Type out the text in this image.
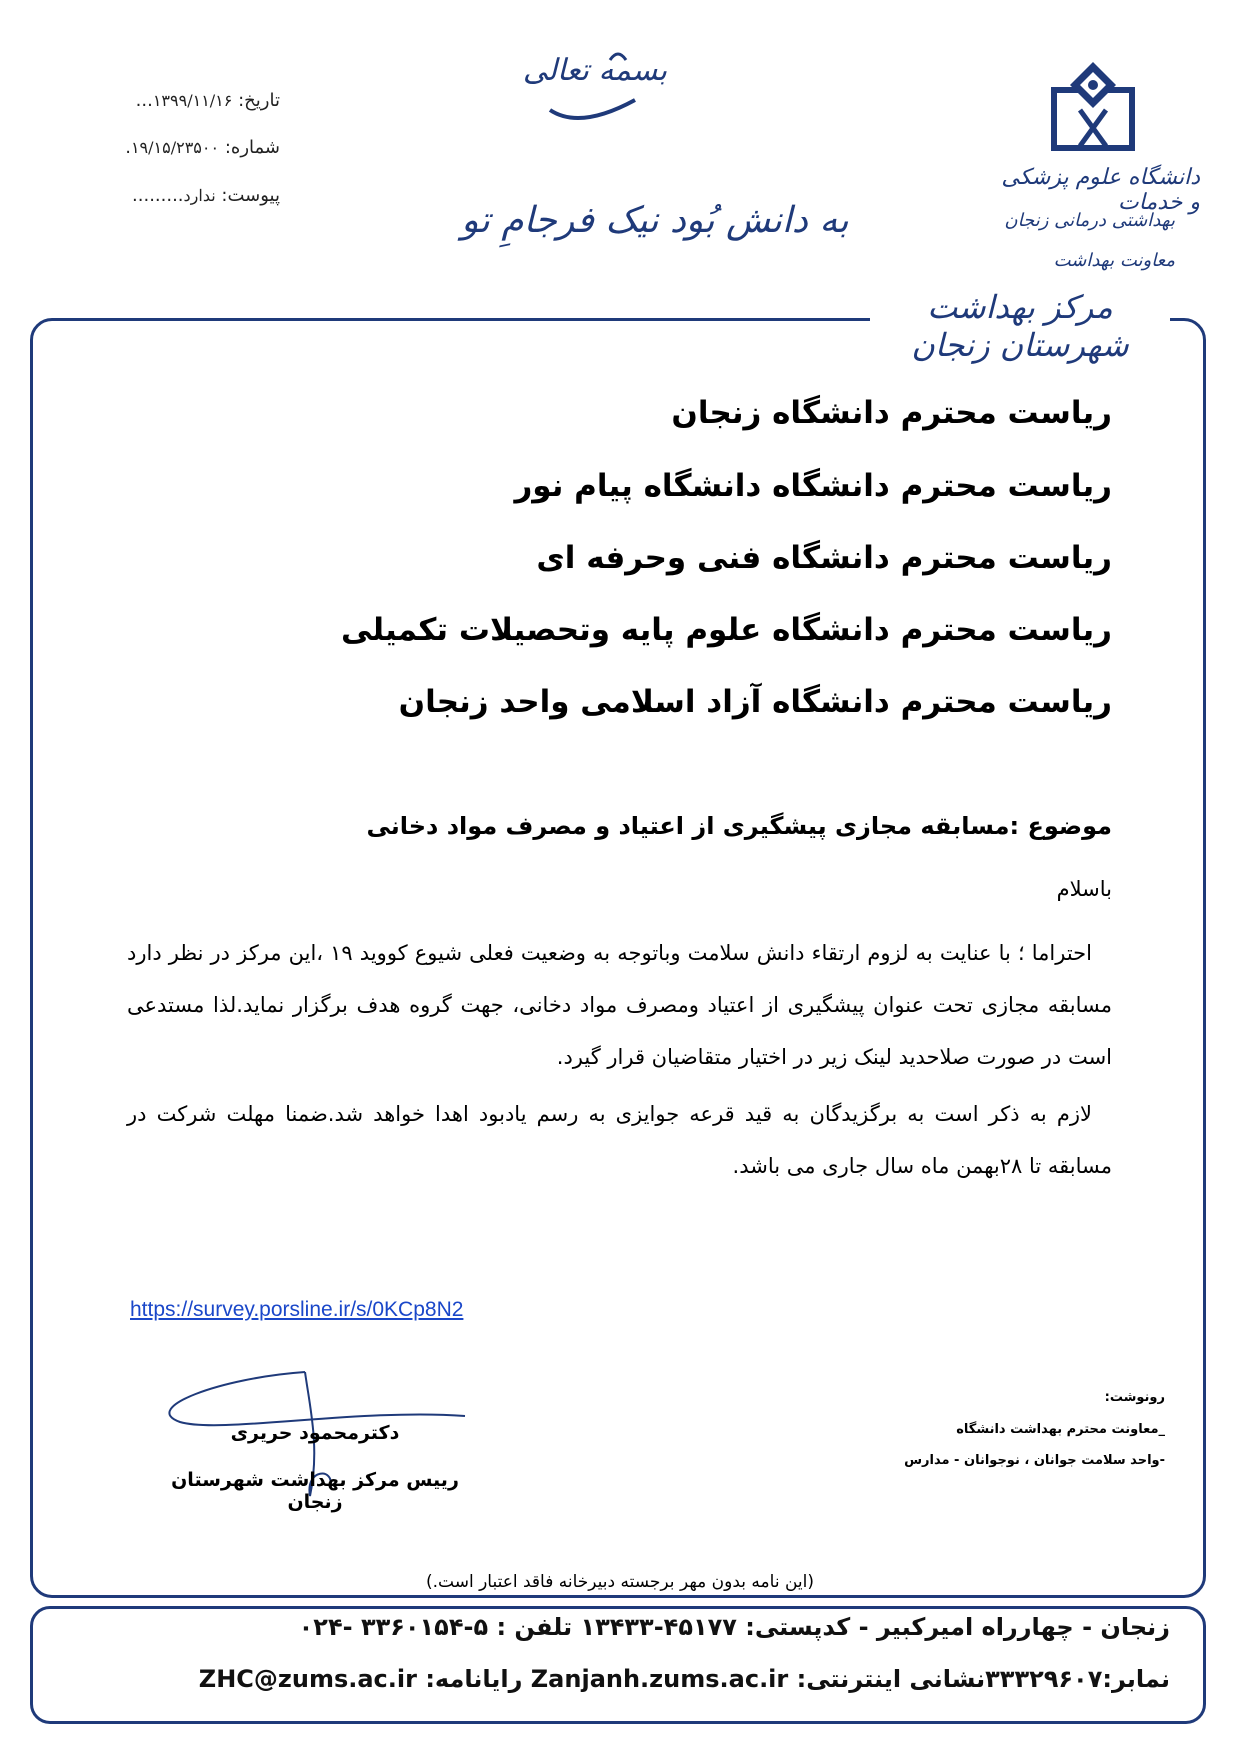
تاریخ: ۱۳۹۹/۱۱/۱۶...
شماره: ۱۹/۱۵/۲۳۵۰۰.
پیوست: ندارد.........
بسمه تعالی
به دانش بُود نیک فرجامِ تو
دانشگاه علوم پزشکی و خدمات
بهداشتی درمانی زنجان
معاونت بهداشت
مرکز بهداشت شهرستان زنجان
ریاست محترم دانشگاه زنجان
ریاست محترم دانشگاه دانشگاه پیام نور
ریاست محترم دانشگاه فنی وحرفه ای
ریاست محترم دانشگاه علوم پایه وتحصیلات تکمیلی
ریاست محترم دانشگاه آزاد اسلامی واحد زنجان
موضوع :مسابقه مجازی پیشگیری از اعتیاد و مصرف مواد دخانی
باسلام
احتراما ؛ با عنایت به لزوم ارتقاء دانش سلامت وباتوجه به وضعیت فعلی شیوع کووید ۱۹ ،این مرکز در نظر دارد مسابقه مجازی تحت عنوان پیشگیری از اعتیاد ومصرف مواد دخانی، جهت گروه هدف برگزار نماید.لذا مستدعی است در صورت صلاحدید لینک زیر در اختیار متقاضیان قرار گیرد.
لازم به ذکر است به برگزیدگان به قید قرعه جوایزی به رسم یادبود اهدا خواهد شد.ضمنا مهلت شرکت در مسابقه تا ۲۸بهمن ماه سال جاری می باشد.
https://survey.porsline.ir/s/0KCp8N2
دکترمحمود حریری
رییس مرکز بهداشت شهرستان زنجان
رونوشت:
_معاونت محترم بهداشت دانشگاه
-واحد سلامت جوانان ، نوجوانان - مدارس
(این نامه بدون مهر برجسته دبیرخانه فاقد اعتبار است.)
زنجان - چهارراه امیرکبیر - کدپستی: ۴۵۱۷۷-۱۳۴۳۳ تلفن : ۵-۳۳۶۰۱۵۴ -۰۲۴
نمابر:۳۳۳۲۹۶۰۷نشانی اینترنتی: Zanjanh.zums.ac.ir رایانامه: ZHC@zums.ac.ir
